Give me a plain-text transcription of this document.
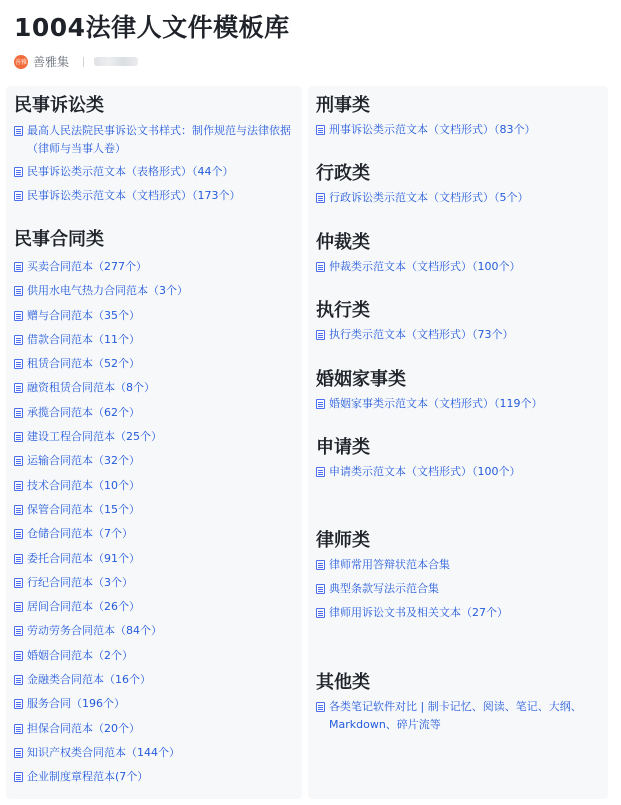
1004法律人文件模板库
善雅 善雅集
民事诉讼类
最高人民法院民事诉讼文书样式：制作规范与法律依据（律师与当事人卷）
民事诉讼类示范文本（表格形式）（44个）
民事诉讼类示范文本（文档形式）（173个）
民事合同类
买卖合同范本（277个）
供用水电气热力合同范本（3个）
赠与合同范本（35个）
借款合同范本（11个）
租赁合同范本（52个）
融资租赁合同范本（8个）
承揽合同范本（62个）
建设工程合同范本（25个）
运输合同范本（32个）
技术合同范本（10个）
保管合同范本（15个）
仓储合同范本（7个）
委托合同范本（91个）
行纪合同范本（3个）
居间合同范本（26个）
劳动劳务合同范本（84个）
婚姻合同范本（2个）
金融类合同范本（16个）
服务合同（196个）
担保合同范本（20个）
知识产权类合同范本（144个）
企业制度章程范本(7个）
刑事类
刑事诉讼类示范文本（文档形式）（83个）
行政类
行政诉讼类示范文本（文档形式）（5个）
仲裁类
仲裁类示范文本（文档形式）（100个）
执行类
执行类示范文本（文档形式）（73个）
婚姻家事类
婚姻家事类示范文本（文档形式）（119个）
申请类
申请类示范文本（文档形式）（100个）
律师类
律师常用答辩状范本合集
典型条款写法示范合集
律师用诉讼文书及相关文本（27个）
其他类
各类笔记软件对比 | 制卡记忆、阅读、笔记、大纲、Markdown、碎片流等
